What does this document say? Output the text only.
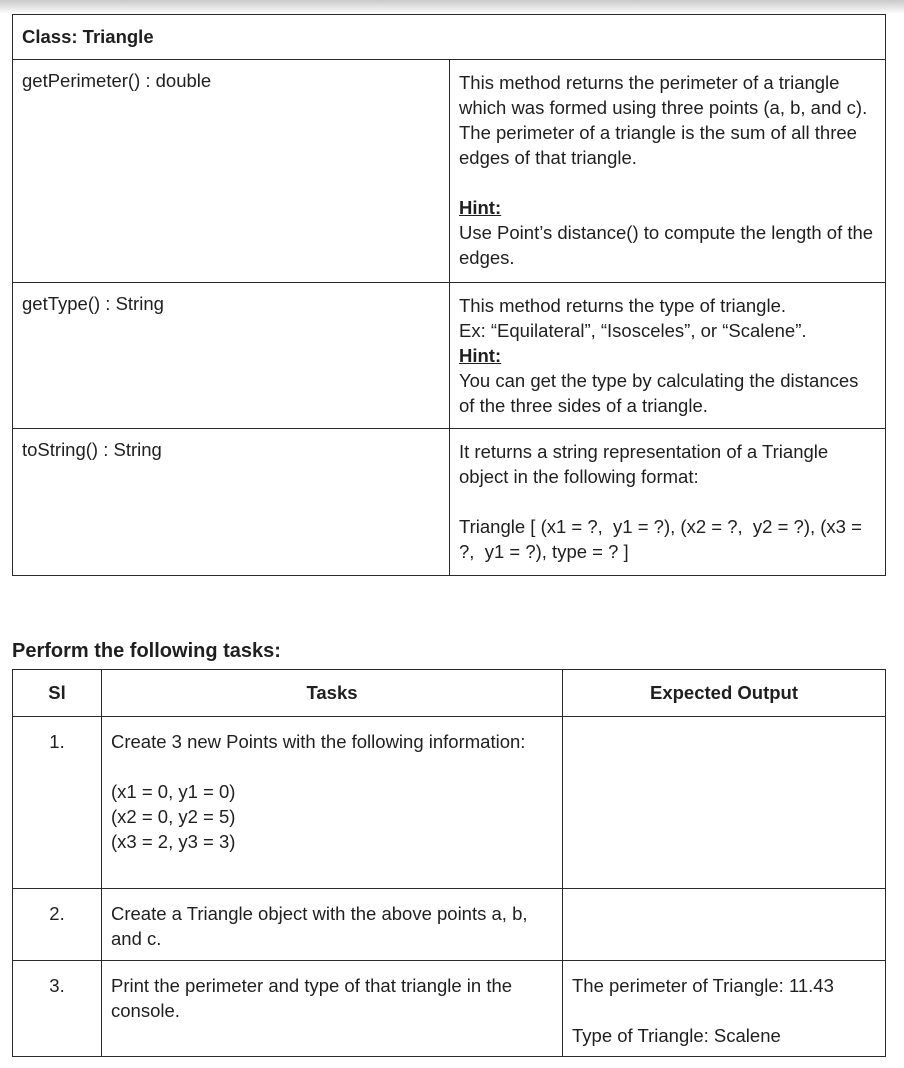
Class: Triangle	
getPerimeter() : double	This method returns the perimeter of a triangle which was formed using three points (a, b, and c). The perimeter of a triangle is the sum of all three edges of that triangle.

Hint:

Use Point’s distance() to compute the length of the edges.

getType() : String	This method returns the type of triangle.

Ex: “Equilateral”, “Isosceles”, or “Scalene”.

Hint:

You can get the type by calculating the distances of the three sides of a triangle.

toString() : String	It returns a string representation of a Triangle object in the following format:

Triangle [ (x1 = ?,  y1 = ?), (x2 = ?,  y2 = ?), (x3 = ?,  y1 = ?), type = ? ]

Perform the following tasks:
Sl	Tasks	Expected Output
1.	Create 3 new Points with the following information:

(x1 = 0, y1 = 0)

(x2 = 0, y2 = 5)

(x3 = 2, y3 = 3)	

2.	Create a Triangle object with the above points a, b, and c.	

3.	Print the perimeter and type of that triangle in the console.	The perimeter of Triangle: 11.43

Type of Triangle: Scalene
